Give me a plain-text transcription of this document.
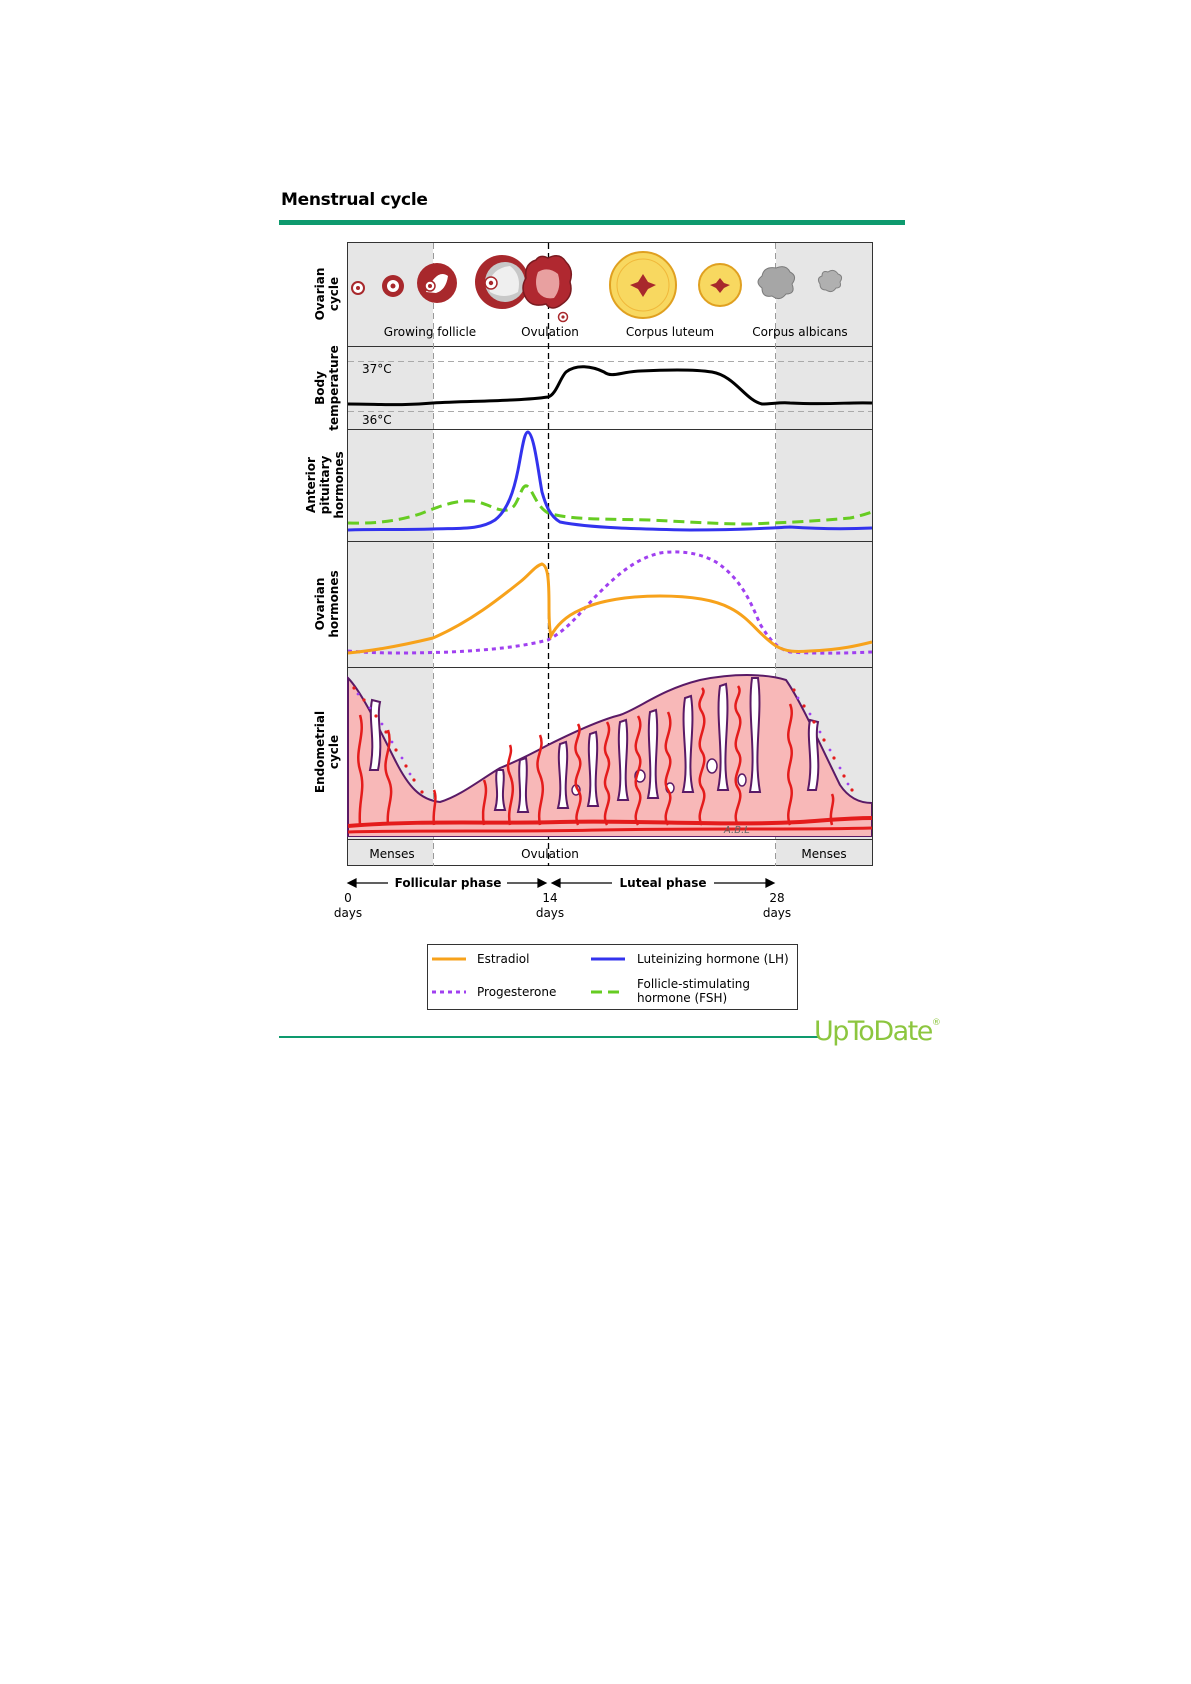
Menstrual cycle
Ovariancycle
Bodytemperature
Anteriorpituitaryhormones
Ovarianhormones
Endometrialcycle
Growing follicle	Ovulation	Corpus luteum	Corpus albicans
37°C
36°C
A.B.L
Menses	Ovulation	Menses
Follicular phase	Luteal phase
0
days
14
days
28
days
Estradiol	Luteinizing hormone (LH)
Progesterone
Follicle-stimulating
hormone (FSH)
UpToDate®
